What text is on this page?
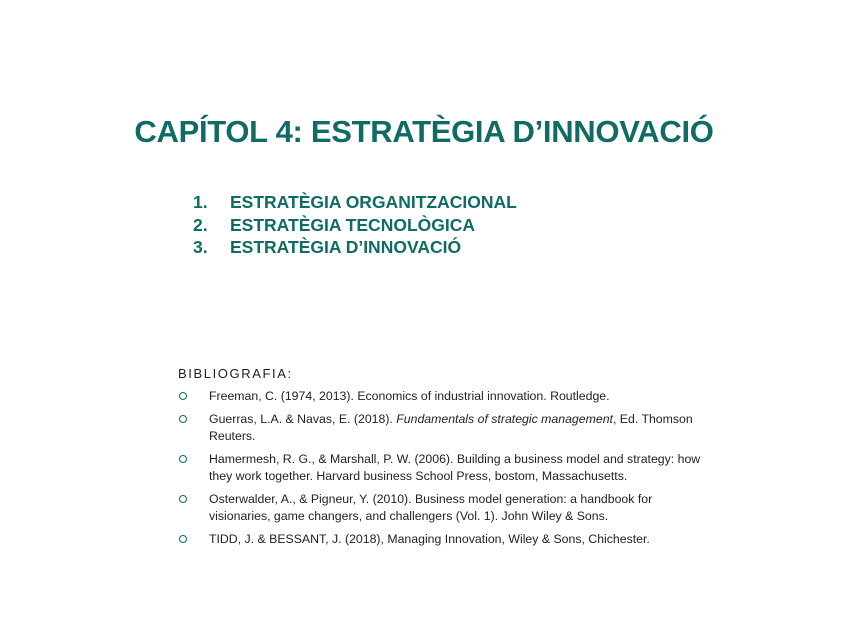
CAPÍTOL 4: ESTRATÈGIA D’INNOVACIÓ
1. ESTRATÈGIA ORGANITZACIONAL
2. ESTRATÈGIA TECNOLÒGICA
3. ESTRATÈGIA D’INNOVACIÓ
BIBLIOGRAFIA:
Freeman, C. (1974, 2013). Economics of industrial innovation. Routledge.
Guerras, L.A. & Navas, E. (2018). Fundamentals of strategic management, Ed. Thomson Reuters.
Hamermesh, R. G., & Marshall, P. W. (2006). Building a business model and strategy: how they work together. Harvard business School Press, bostom, Massachusetts.
Osterwalder, A., & Pigneur, Y. (2010). Business model generation: a handbook for visionaries, game changers, and challengers (Vol. 1). John Wiley & Sons.
TIDD, J. & BESSANT, J. (2018), Managing Innovation, Wiley & Sons, Chichester.
